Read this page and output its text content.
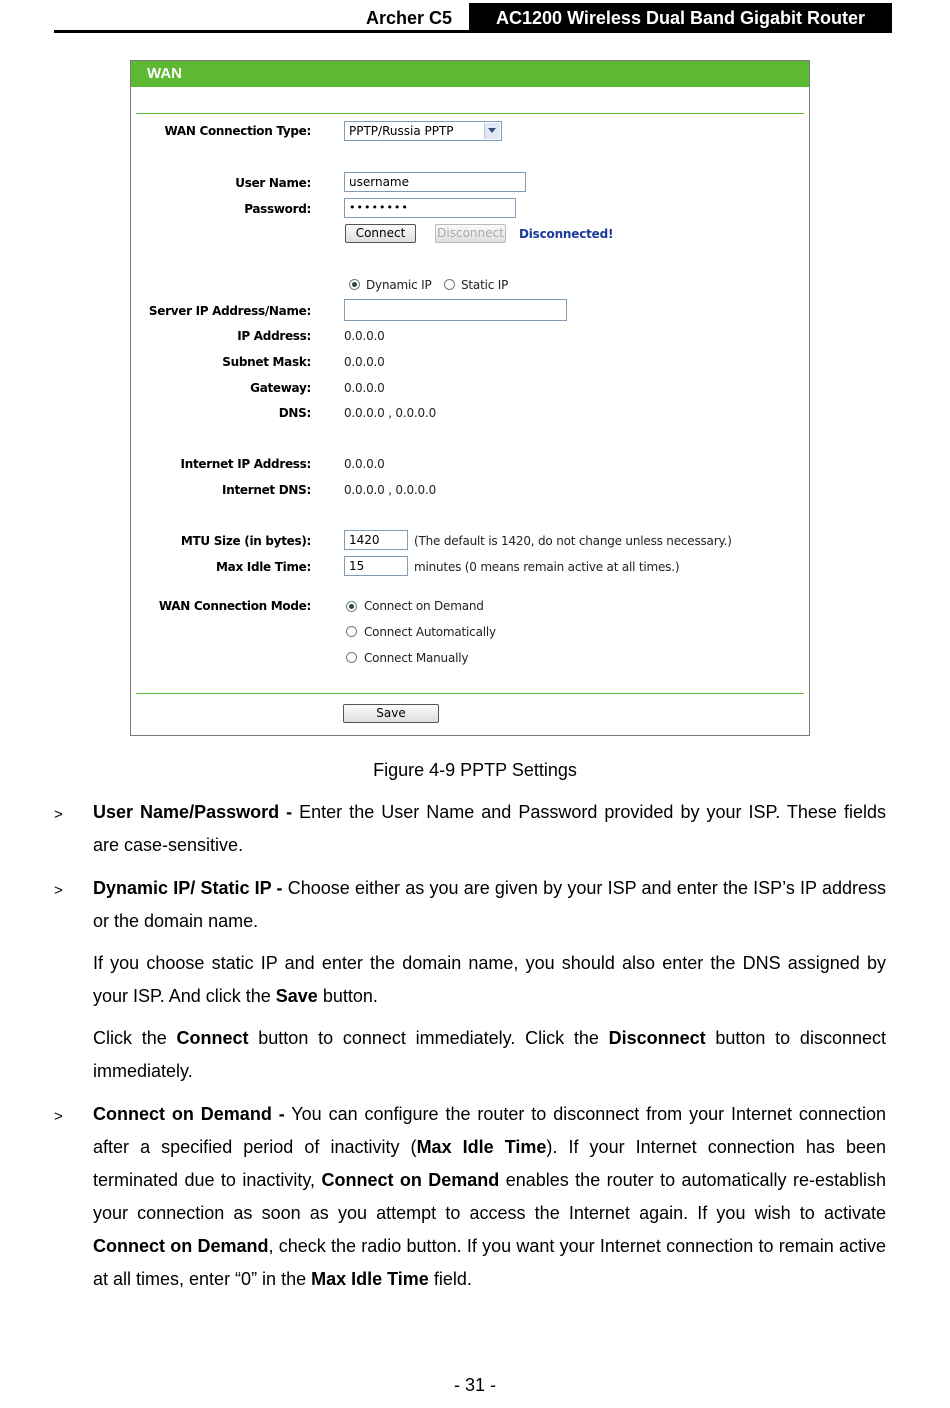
Archer C5	AC1200 Wireless Dual Band Gigabit Router
WAN
WAN Connection Type:	PPTP/Russia PPTP
User Name:	username
Password:	••••••••
Connect	Disconnect Disconnected!
Dynamic IP Static IP
Server IP Address/Name:
IP Address:	0.0.0.0
Subnet Mask:	0.0.0.0
Gateway:	0.0.0.0
DNS:	0.0.0.0 , 0.0.0.0
Internet IP Address:	0.0.0.0
Internet DNS:	0.0.0.0 , 0.0.0.0
MTU Size (in bytes):	1420	(The default is 1420, do not change unless necessary.)
Max Idle Time:	15	minutes (0 means remain active at all times.)
WAN Connection Mode:	Connect on Demand
Connect Automatically
Connect Manually
Save
Figure 4-9 PPTP Settings
> User Name/Password - Enter the User Name and Password provided by your ISP. These fields are case-sensitive.
> Dynamic IP/ Static IP - Choose either as you are given by your ISP and enter the ISP’s IP address or the domain name.
If you choose static IP and enter the domain name, you should also enter the DNS assigned by your ISP. And click the Save button.
Click the Connect button to connect immediately. Click the Disconnect button to disconnect immediately.
> Connect on Demand - You can configure the router to disconnect from your Internet connection after a specified period of inactivity (Max Idle Time). If your Internet connection has been terminated due to inactivity, Connect on Demand enables the router to automatically re-establish your connection as soon as you attempt to access the Internet again. If you wish to activate Connect on Demand, check the radio button. If you want your Internet connection to remain active at all times, enter “0” in the Max Idle Time field.
- 31 -
